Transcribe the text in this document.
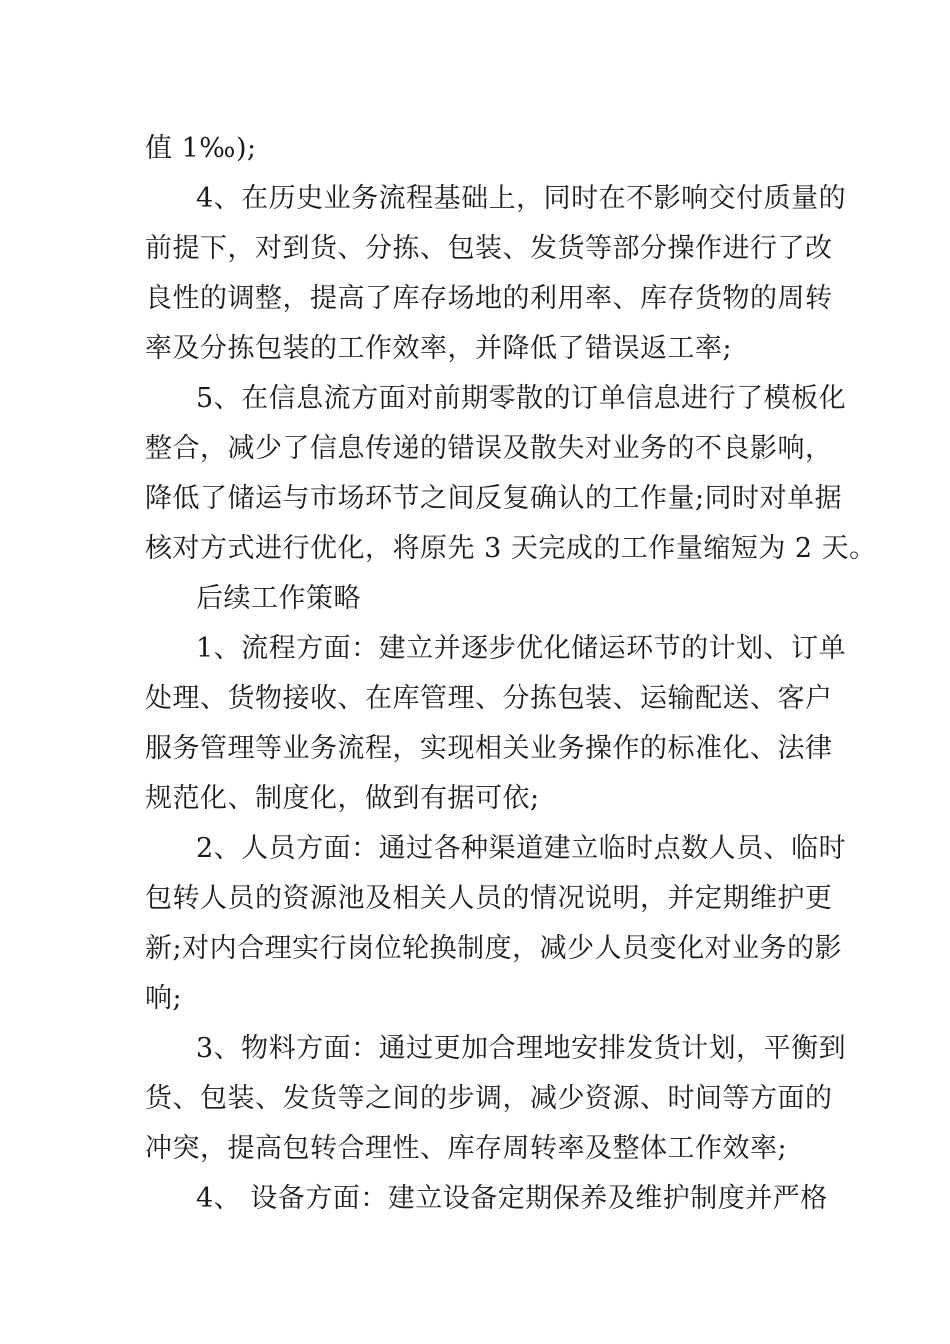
值 1‰);
4、在历史业务流程基础上，同时在不影响交付质量的
前提下，对到货、分拣、包装、发货等部分操作进行了改
良性的调整，提高了库存场地的利用率、库存货物的周转
率及分拣包装的工作效率，并降低了错误返工率;
5、在信息流方面对前期零散的订单信息进行了模板化
整合，减少了信息传递的错误及散失对业务的不良影响，
降低了储运与市场环节之间反复确认的工作量;同时对单据
核对方式进行优化，将原先 3 天完成的工作量缩短为 2 天。
后续工作策略
1、流程方面：建立并逐步优化储运环节的计划、订单
处理、货物接收、在库管理、分拣包装、运输配送、客户
服务管理等业务流程，实现相关业务操作的标准化、法律
规范化、制度化，做到有据可依;
2、人员方面：通过各种渠道建立临时点数人员、临时
包转人员的资源池及相关人员的情况说明，并定期维护更
新;对内合理实行岗位轮换制度，减少人员变化对业务的影
响;
3、物料方面：通过更加合理地安排发货计划，平衡到
货、包装、发货等之间的步调，减少资源、时间等方面的
冲突，提高包转合理性、库存周转率及整体工作效率;
4、 设备方面：建立设备定期保养及维护制度并严格
